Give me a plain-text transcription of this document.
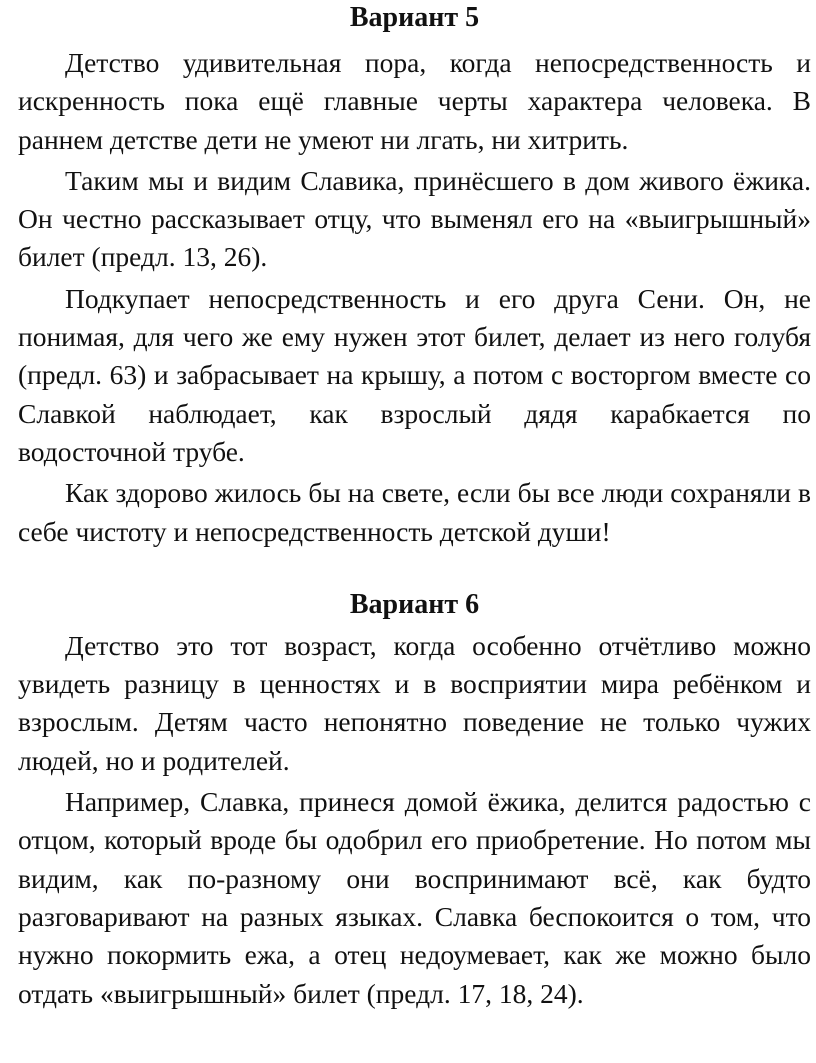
Вариант 5

Детство удивительная пора, когда непосредственность и искренность пока ещё главные черты характера человека. В раннем детстве дети не умеют ни лгать, ни хитрить.

Таким мы и видим Славика, принёсшего в дом живого ёжика. Он честно рассказывает отцу, что выменял его на «выигрышный» билет (предл. 13, 26).

Подкупает непосредственность и его друга Сени. Он, не понимая, для чего же ему нужен этот билет, делает из него голубя (предл. 63) и забрасывает на крышу, а потом с восторгом вместе со Славкой наблюдает, как взрослый дядя карабкается по водосточной трубе.

Как здорово жилось бы на свете, если бы все люди сохраняли в себе чистоту и непосредственность детской души!

Вариант 6

Детство это тот возраст, когда особенно отчётливо можно увидеть разницу в ценностях и в восприятии мира ребёнком и взрослым. Детям часто непонятно поведение не только чужих людей, но и родителей.

Например, Славка, принеся домой ёжика, делится радостью с отцом, который вроде бы одобрил его приобретение. Но потом мы видим, как по-разному они воспринимают всё, как будто разговаривают на разных языках. Славка беспокоится о том, что нужно покормить ежа, а отец недоумевает, как же можно было отдать «выигрышный» билет (предл. 17, 18, 24).
